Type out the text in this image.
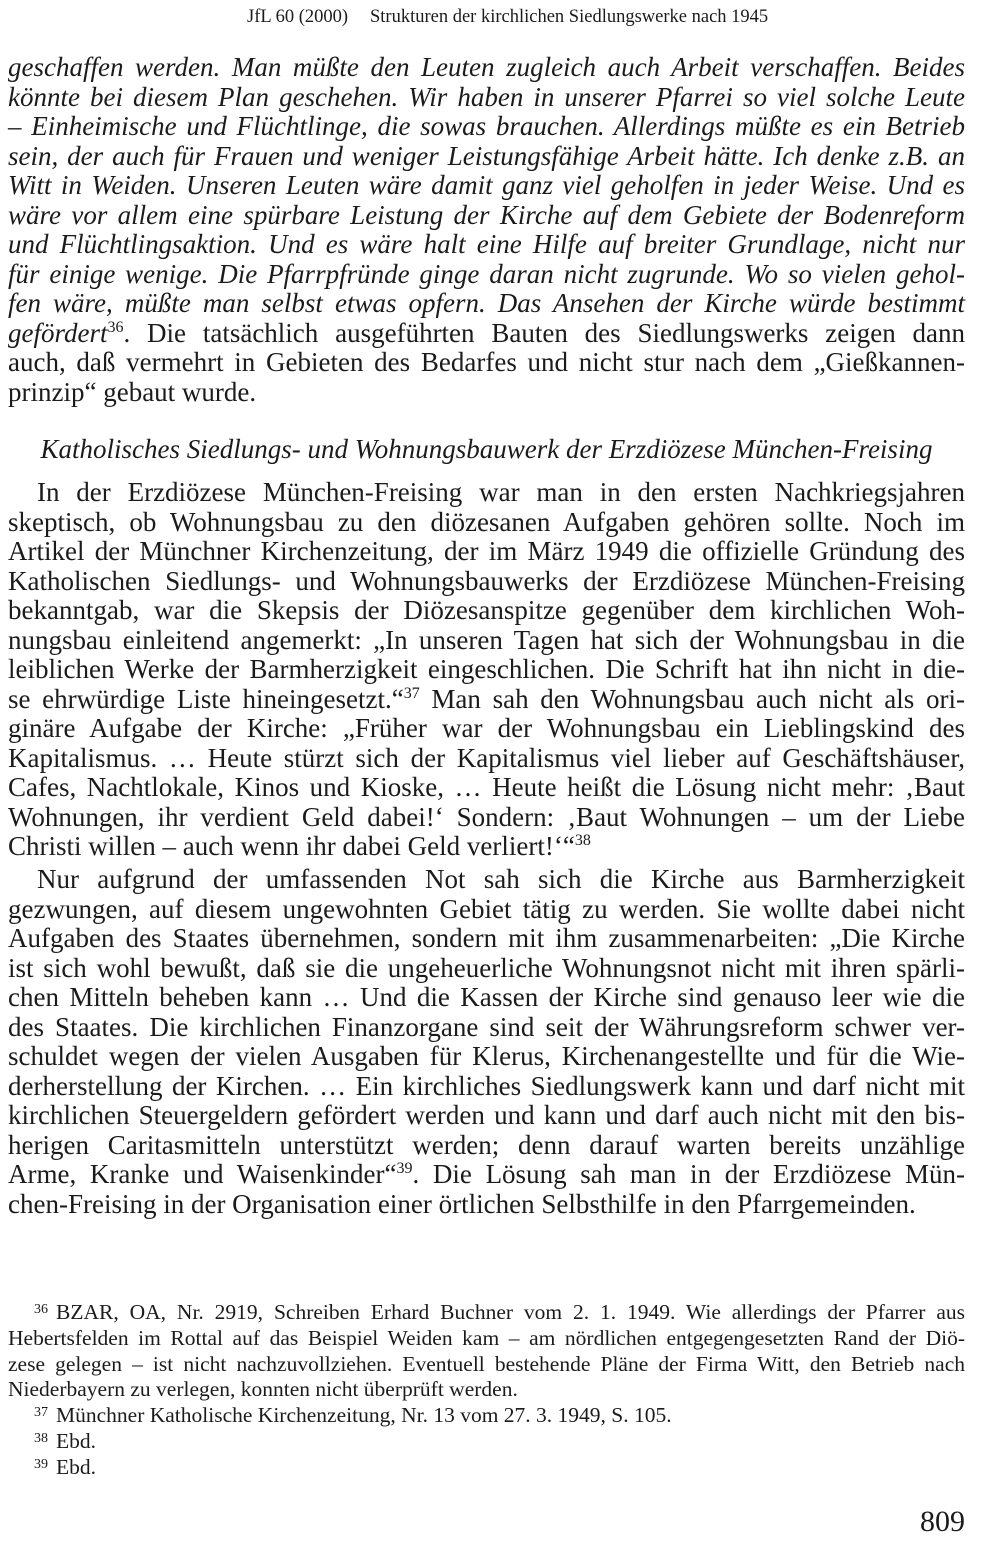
JfL 60 (2000) Strukturen der kirchlichen Siedlungswerke nach 1945
geschaffen werden. Man müßte den Leuten zugleich auch Arbeit verschaffen. Beides
könnte bei diesem Plan geschehen. Wir haben in unserer Pfarrei so viel solche Leute
– Einheimische und Flüchtlinge, die sowas brauchen. Allerdings müßte es ein Betrieb
sein, der auch für Frauen und weniger Leistungsfähige Arbeit hätte. Ich denke z.B. an
Witt in Weiden. Unseren Leuten wäre damit ganz viel geholfen in jeder Weise. Und es
wäre vor allem eine spürbare Leistung der Kirche auf dem Gebiete der Bodenreform
und Flüchtlingsaktion. Und es wäre halt eine Hilfe auf breiter Grundlage, nicht nur
für einige wenige. Die Pfarrpfründe ginge daran nicht zugrunde. Wo so vielen gehol-
fen wäre, müßte man selbst etwas opfern. Das Ansehen der Kirche würde bestimmt
gefördert$^{36}$. Die tatsächlich ausgeführten Bauten des Siedlungswerks zeigen dann
auch, daß vermehrt in Gebieten des Bedarfes und nicht stur nach dem „Gießkannen-
prinzip“ gebaut wurde.
Katholisches Siedlungs- und Wohnungsbauwerk der Erzdiözese München-Freising
In der Erzdiözese München-Freising war man in den ersten Nachkriegsjahren
skeptisch, ob Wohnungsbau zu den diözesanen Aufgaben gehören sollte. Noch im
Artikel der Münchner Kirchenzeitung, der im März 1949 die offizielle Gründung des
Katholischen Siedlungs- und Wohnungsbauwerks der Erzdiözese München-Freising
bekanntgab, war die Skepsis der Diözesanspitze gegenüber dem kirchlichen Woh-
nungsbau einleitend angemerkt: „In unseren Tagen hat sich der Wohnungsbau in die
leiblichen Werke der Barmherzigkeit eingeschlichen. Die Schrift hat ihn nicht in die-
se ehrwürdige Liste hineingesetzt.“$^{37}$ Man sah den Wohnungsbau auch nicht als ori-
ginäre Aufgabe der Kirche: „Früher war der Wohnungsbau ein Lieblingskind des
Kapitalismus. … Heute stürzt sich der Kapitalismus viel lieber auf Geschäftshäuser,
Cafes, Nachtlokale, Kinos und Kioske, … Heute heißt die Lösung nicht mehr: ‚Baut
Wohnungen, ihr verdient Geld dabei!‘ Sondern: ‚Baut Wohnungen – um der Liebe
Christi willen – auch wenn ihr dabei Geld verliert!‘“$^{38}$
Nur aufgrund der umfassenden Not sah sich die Kirche aus Barmherzigkeit
gezwungen, auf diesem ungewohnten Gebiet tätig zu werden. Sie wollte dabei nicht
Aufgaben des Staates übernehmen, sondern mit ihm zusammenarbeiten: „Die Kirche
ist sich wohl bewußt, daß sie die ungeheuerliche Wohnungsnot nicht mit ihren spärli-
chen Mitteln beheben kann … Und die Kassen der Kirche sind genauso leer wie die
des Staates. Die kirchlichen Finanzorgane sind seit der Währungsreform schwer ver-
schuldet wegen der vielen Ausgaben für Klerus, Kirchenangestellte und für die Wie-
derherstellung der Kirchen. … Ein kirchliches Siedlungswerk kann und darf nicht mit
kirchlichen Steuergeldern gefördert werden und kann und darf auch nicht mit den bis-
herigen Caritasmitteln unterstützt werden; denn darauf warten bereits unzählige
Arme, Kranke und Waisenkinder“$^{39}$. Die Lösung sah man in der Erzdiözese Mün-
chen-Freising in der Organisation einer örtlichen Selbsthilfe in den Pfarrgemeinden.
36 BZAR, OA, Nr. 2919, Schreiben Erhard Buchner vom 2. 1. 1949. Wie allerdings der Pfarrer aus
Hebertsfelden im Rottal auf das Beispiel Weiden kam – am nördlichen entgegengesetzten Rand der Diö-
zese gelegen – ist nicht nachzuvollziehen. Eventuell bestehende Pläne der Firma Witt, den Betrieb nach
Niederbayern zu verlegen, konnten nicht überprüft werden.
37 Münchner Katholische Kirchenzeitung, Nr. 13 vom 27. 3. 1949, S. 105.
38 Ebd.
39 Ebd.
809
